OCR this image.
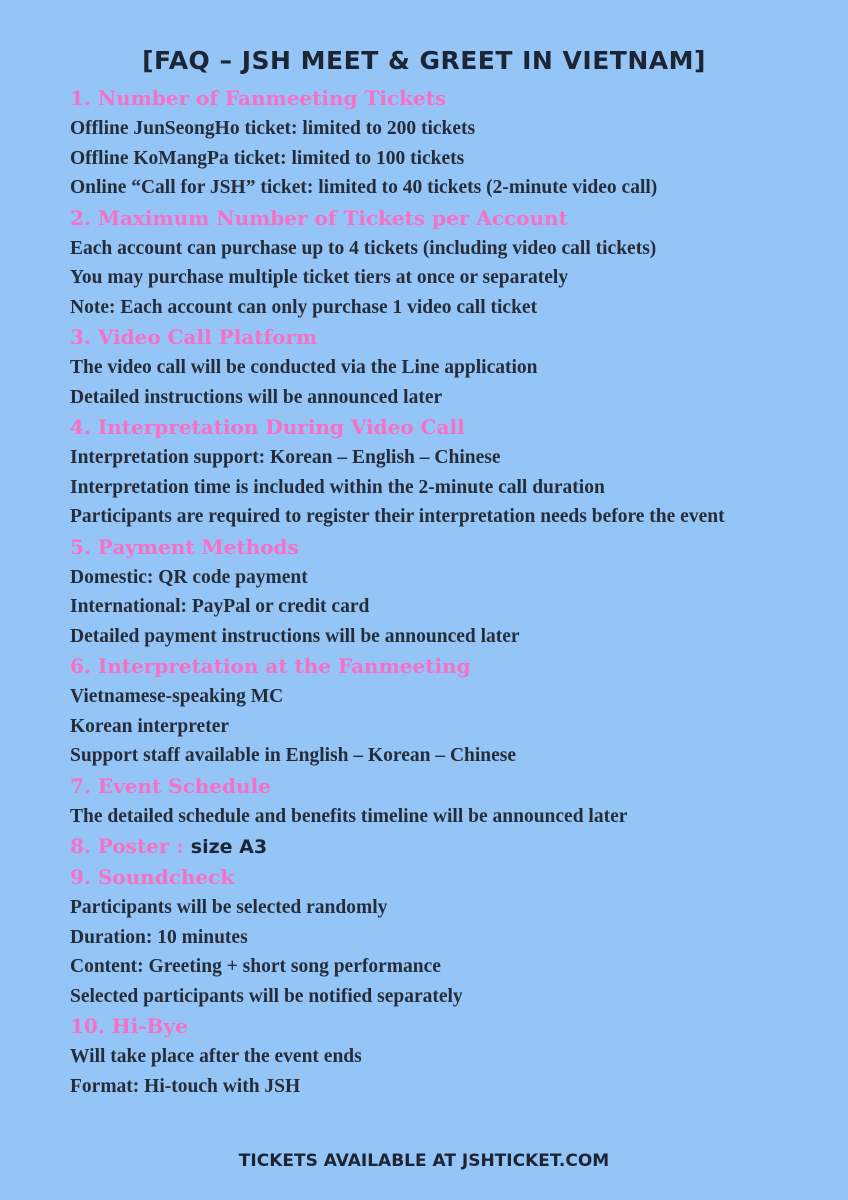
[FAQ – JSH MEET & GREET IN VIETNAM]
1. Number of Fanmeeting Tickets
Offline JunSeongHo ticket: limited to 200 tickets
Offline KoMangPa ticket: limited to 100 tickets
Online “Call for JSH” ticket: limited to 40 tickets (2-minute video call)
2. Maximum Number of Tickets per Account
Each account can purchase up to 4 tickets (including video call tickets)
You may purchase multiple ticket tiers at once or separately
Note: Each account can only purchase 1 video call ticket
3. Video Call Platform
The video call will be conducted via the Line application
Detailed instructions will be announced later
4. Interpretation During Video Call
Interpretation support: Korean – English – Chinese
Interpretation time is included within the 2-minute call duration
Participants are required to register their interpretation needs before the event
5. Payment Methods
Domestic: QR code payment
International: PayPal or credit card
Detailed payment instructions will be announced later
6. Interpretation at the Fanmeeting
Vietnamese-speaking MC
Korean interpreter
Support staff available in English – Korean – Chinese
7. Event Schedule
The detailed schedule and benefits timeline will be announced later
8. Poster : size A3
9. Soundcheck
Participants will be selected randomly
Duration: 10 minutes
Content: Greeting + short song performance
Selected participants will be notified separately
10. Hi-Bye
Will take place after the event ends
Format: Hi-touch with JSH
TICKETS AVAILABLE AT JSHTICKET.COM
